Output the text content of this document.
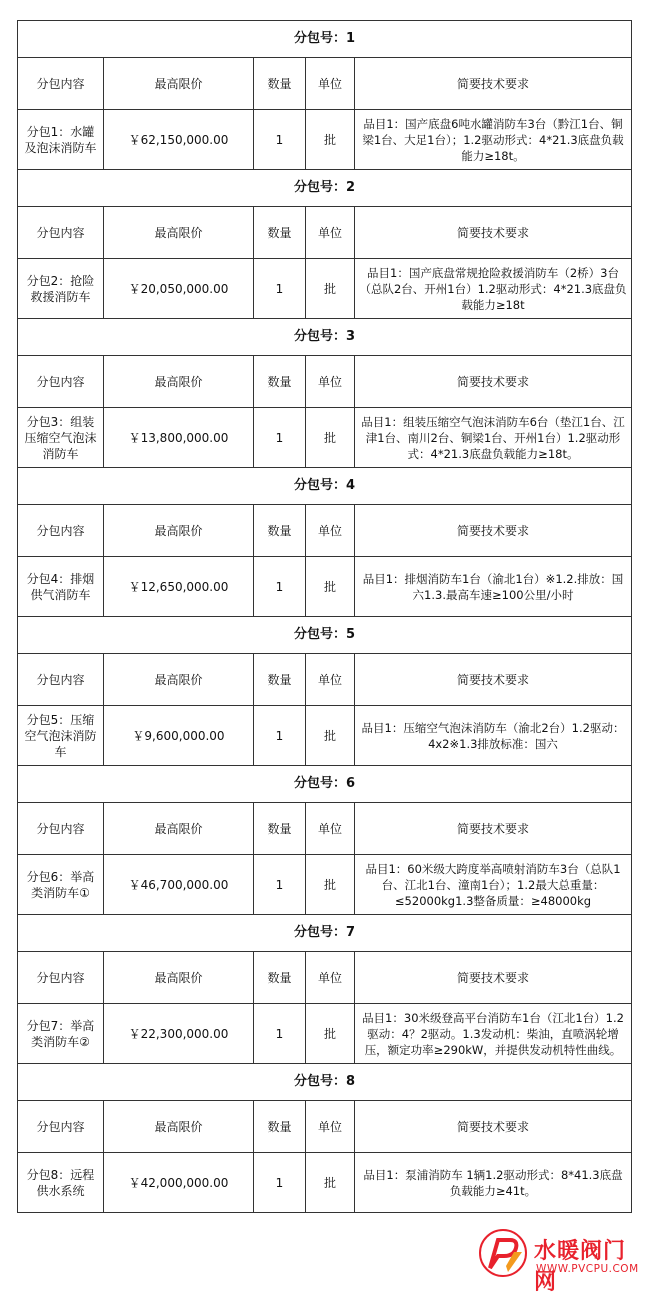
分包号：1				
分包内容	最高限价	数量	单位	简要技术要求
分包1：水罐及泡沫消防车	￥62,150,000.00	1	批	品目1：国产底盘6吨水罐消防车3台（黔江1台、铜梁1台、大足1台）；1.2驱动形式：4*21.3底盘负载能力≥18t。
分包号：2				
分包内容	最高限价	数量	单位	简要技术要求
分包2：抢险救援消防车	￥20,050,000.00	1	批	品目1：国产底盘常规抢险救援消防车（2桥）3台（总队2台、开州1台）1.2驱动形式：4*21.3底盘负载能力≥18t
分包号：3				
分包内容	最高限价	数量	单位	简要技术要求
分包3：组装压缩空气泡沫消防车	￥13,800,000.00	1	批	品目1：组装压缩空气泡沫消防车6台（垫江1台、江津1台、南川2台、铜梁1台、开州1台）1.2驱动形式：4*21.3底盘负载能力≥18t。
分包号：4				
分包内容	最高限价	数量	单位	简要技术要求
分包4：排烟供气消防车	￥12,650,000.00	1	批	品目1：排烟消防车1台（渝北1台）※1.2.排放：国六1.3.最高车速≥100公里/小时
分包号：5				
分包内容	最高限价	数量	单位	简要技术要求
分包5：压缩空气泡沫消防车	￥9,600,000.00	1	批	品目1：压缩空气泡沫消防车（渝北2台）1.2驱动：4x2※1.3排放标准：国六
分包号：6				
分包内容	最高限价	数量	单位	简要技术要求
分包6：举高类消防车①	￥46,700,000.00	1	批	品目1：60米级大跨度举高喷射消防车3台（总队1台、江北1台、潼南1台）；1.2最大总重量：≤52000kg1.3整备质量：≥48000kg
分包号：7				
分包内容	最高限价	数量	单位	简要技术要求
分包7：举高类消防车②	￥22,300,000.00	1	批	品目1：30米级登高平台消防车1台（江北1台）1.2驱动：4？2驱动。1.3发动机：柴油，直喷涡轮增压，额定功率≥290kW，并提供发动机特性曲线。
分包号：8				
分包内容	最高限价	数量	单位	简要技术要求
分包8：远程供水系统	￥42,000,000.00	1	批	品目1：泵浦消防车 1辆1.2驱动形式：8*41.3底盘负载能力≥41t。
水暖阀门网
WWW.PVCPU.COM
